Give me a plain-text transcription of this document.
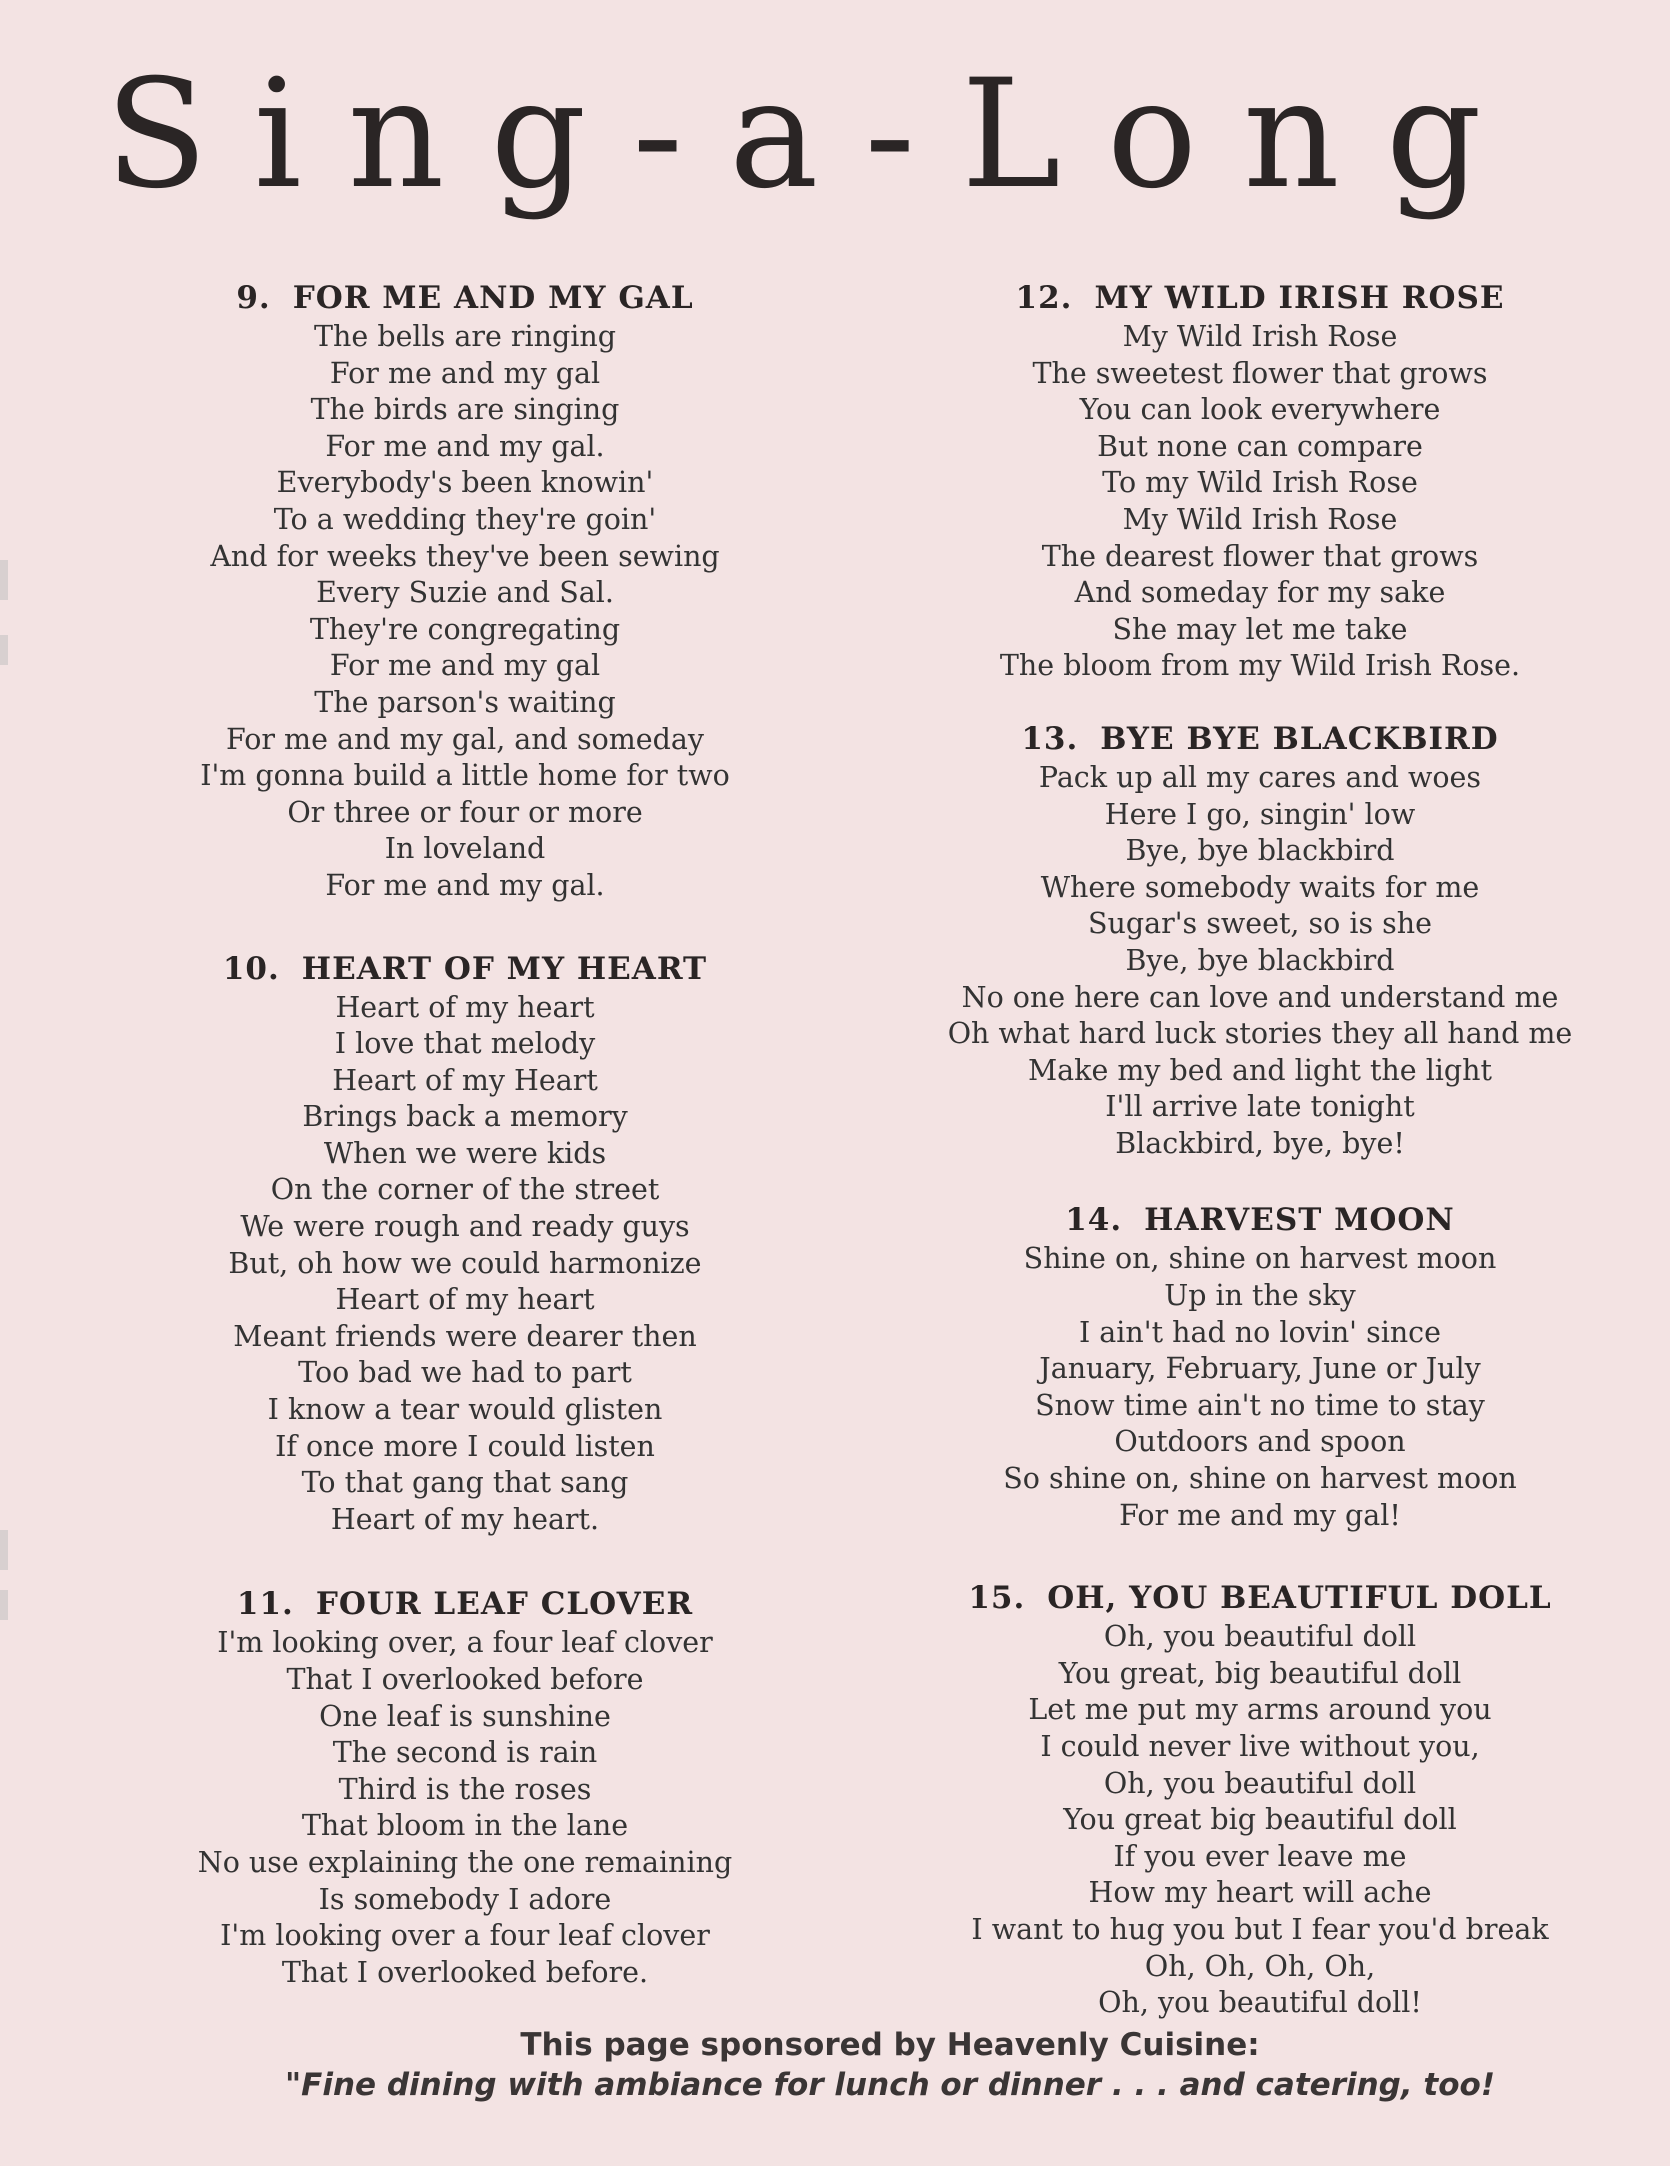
Sing-a-Long
9. FOR ME AND MY GAL
The bells are ringing
For me and my gal
The birds are singing
For me and my gal.
Everybody's been knowin'
To a wedding they're goin'
And for weeks they've been sewing
Every Suzie and Sal.
They're congregating
For me and my gal
The parson's waiting
For me and my gal, and someday
I'm gonna build a little home for two
Or three or four or more
In loveland
For me and my gal.
10. HEART OF MY HEART
Heart of my heart
I love that melody
Heart of my Heart
Brings back a memory
When we were kids
On the corner of the street
We were rough and ready guys
But, oh how we could harmonize
Heart of my heart
Meant friends were dearer then
Too bad we had to part
I know a tear would glisten
If once more I could listen
To that gang that sang
Heart of my heart.
11. FOUR LEAF CLOVER
I'm looking over, a four leaf clover
That I overlooked before
One leaf is sunshine
The second is rain
Third is the roses
That bloom in the lane
No use explaining the one remaining
Is somebody I adore
I'm looking over a four leaf clover
That I overlooked before.
12. MY WILD IRISH ROSE
My Wild Irish Rose
The sweetest flower that grows
You can look everywhere
But none can compare
To my Wild Irish Rose
My Wild Irish Rose
The dearest flower that grows
And someday for my sake
She may let me take
The bloom from my Wild Irish Rose.
13. BYE BYE BLACKBIRD
Pack up all my cares and woes
Here I go, singin' low
Bye, bye blackbird
Where somebody waits for me
Sugar's sweet, so is she
Bye, bye blackbird
No one here can love and understand me
Oh what hard luck stories they all hand me
Make my bed and light the light
I'll arrive late tonight
Blackbird, bye, bye!
14. HARVEST MOON
Shine on, shine on harvest moon
Up in the sky
I ain't had no lovin' since
January, February, June or July
Snow time ain't no time to stay
Outdoors and spoon
So shine on, shine on harvest moon
For me and my gal!
15. OH, YOU BEAUTIFUL DOLL
Oh, you beautiful doll
You great, big beautiful doll
Let me put my arms around you
I could never live without you,
Oh, you beautiful doll
You great big beautiful doll
If you ever leave me
How my heart will ache
I want to hug you but I fear you'd break
Oh, Oh, Oh, Oh,
Oh, you beautiful doll!
This page sponsored by Heavenly Cuisine:
"Fine dining with ambiance for lunch or dinner . . . and catering, too!
